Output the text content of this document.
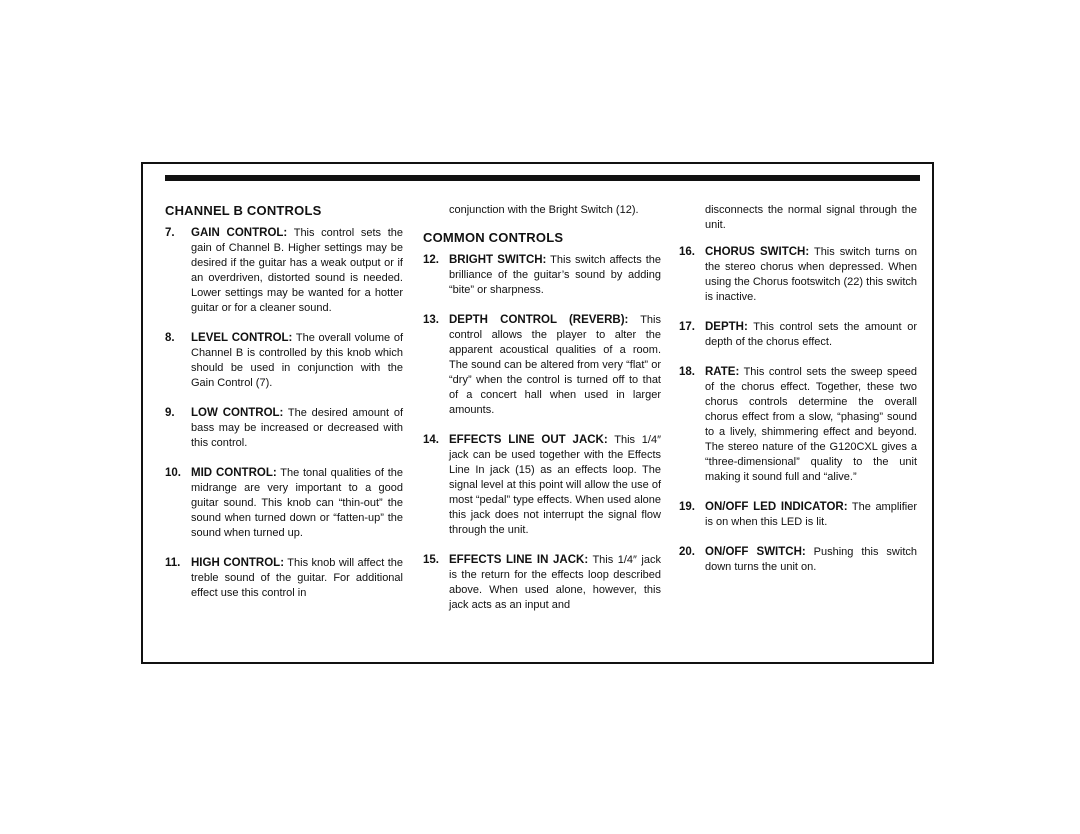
CHANNEL B CONTROLS
7. GAIN CONTROL: This control sets the gain of Channel B. Higher settings may be desired if the guitar has a weak output or if an overdriven, distorted sound is needed. Lower settings may be wanted for a hotter guitar or for a cleaner sound.
8. LEVEL CONTROL: The overall volume of Channel B is controlled by this knob which should be used in conjunction with the Gain Control (7).
9. LOW CONTROL: The desired amount of bass may be increased or decreased with this control.
10. MID CONTROL: The tonal qualities of the midrange are very important to a good guitar sound. This knob can “thin-out” the sound when turned down or “fatten-up” the sound when turned up.
11. HIGH CONTROL: This knob will affect the treble sound of the guitar. For additional effect use this control in
conjunction with the Bright Switch (12).
COMMON CONTROLS
12. BRIGHT SWITCH: This switch affects the brilliance of the guitar’s sound by adding “bite” or sharpness.
13. DEPTH CONTROL (REVERB): This control allows the player to alter the apparent acoustical qualities of a room. The sound can be altered from very “flat” or “dry” when the control is turned off to that of a concert hall when used in larger amounts.
14. EFFECTS LINE OUT JACK: This 1/4″ jack can be used together with the Effects Line In jack (15) as an effects loop. The signal level at this point will allow the use of most “pedal” type effects. When used alone this jack does not interrupt the signal flow through the unit.
15. EFFECTS LINE IN JACK: This 1/4″ jack is the return for the effects loop described above. When used alone, however, this jack acts as an input and
disconnects the normal signal through the unit.
16. CHORUS SWITCH: This switch turns on the stereo chorus when depressed. When using the Chorus footswitch (22) this switch is inactive.
17. DEPTH: This control sets the amount or depth of the chorus effect.
18. RATE: This control sets the sweep speed of the chorus effect. Together, these two chorus controls determine the overall chorus effect from a slow, “phasing” sound to a lively, shimmering effect and beyond. The stereo nature of the G120CXL gives a “three-dimensional” quality to the unit making it sound full and “alive.”
19. ON/OFF LED INDICATOR: The amplifier is on when this LED is lit.
20. ON/OFF SWITCH: Pushing this switch down turns the unit on.
